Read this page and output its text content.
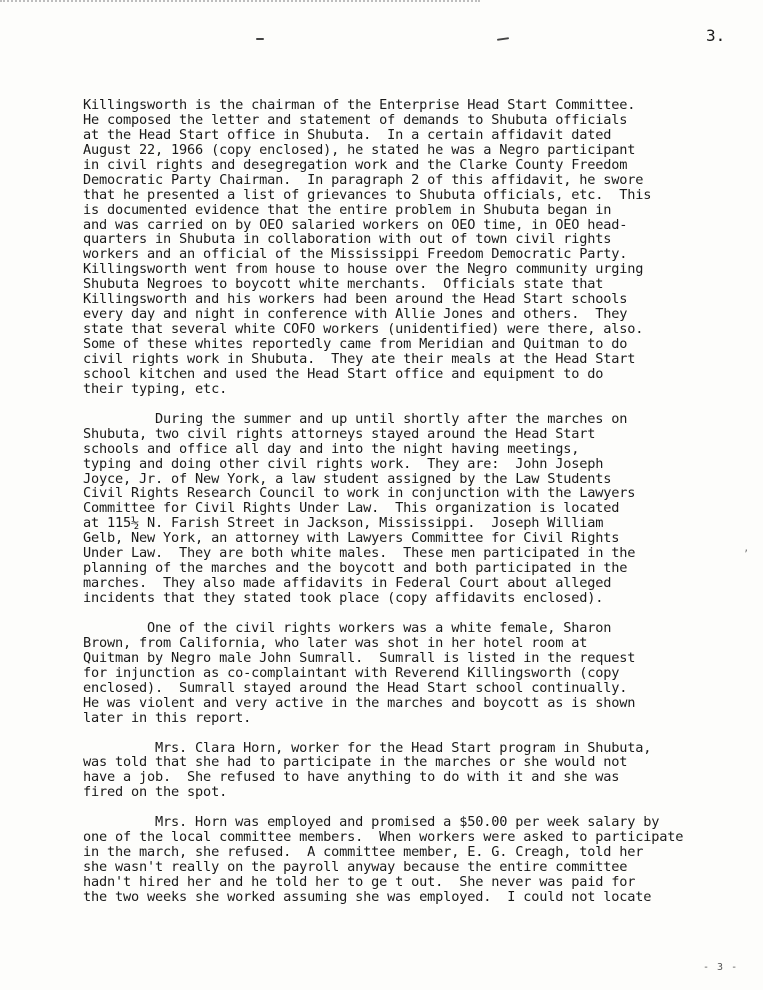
3.
’
Killingsworth is the chairman of the Enterprise Head Start Committee.
He composed the letter and statement of demands to Shubuta officials
at the Head Start office in Shubuta.  In a certain affidavit dated
August 22, 1966 (copy enclosed), he stated he was a Negro participant
in civil rights and desegregation work and the Clarke County Freedom
Democratic Party Chairman.  In paragraph 2 of this affidavit, he swore
that he presented a list of grievances to Shubuta officials, etc.  This
is documented evidence that the entire problem in Shubuta began in
and was carried on by OEO salaried workers on OEO time, in OEO head-
quarters in Shubuta in collaboration with out of town civil rights
workers and an official of the Mississippi Freedom Democratic Party.
Killingsworth went from house to house over the Negro community urging
Shubuta Negroes to boycott white merchants.  Officials state that
Killingsworth and his workers had been around the Head Start schools
every day and night in conference with Allie Jones and others.  They
state that several white COFO workers (unidentified) were there, also.
Some of these whites reportedly came from Meridian and Quitman to do
civil rights work in Shubuta.  They ate their meals at the Head Start
school kitchen and used the Head Start office and equipment to do
their typing, etc.
During the summer and up until shortly after the marches on
Shubuta, two civil rights attorneys stayed around the Head Start
schools and office all day and into the night having meetings,
typing and doing other civil rights work.  They are:  John Joseph
Joyce, Jr. of New York, a law student assigned by the Law Students
Civil Rights Research Council to work in conjunction with the Lawyers
Committee for Civil Rights Under Law.  This organization is located
at 115½ N. Farish Street in Jackson, Mississippi.  Joseph William
Gelb, New York, an attorney with Lawyers Committee for Civil Rights
Under Law.  They are both white males.  These men participated in the
planning of the marches and the boycott and both participated in the
marches.  They also made affidavits in Federal Court about alleged
incidents that they stated took place (copy affidavits enclosed).
One of the civil rights workers was a white female, Sharon
Brown, from California, who later was shot in her hotel room at
Quitman by Negro male John Sumrall.  Sumrall is listed in the request
for injunction as co-complaintant with Reverend Killingsworth (copy
enclosed).  Sumrall stayed around the Head Start school continually.
He was violent and very active in the marches and boycott as is shown
later in this report.
Mrs. Clara Horn, worker for the Head Start program in Shubuta,
was told that she had to participate in the marches or she would not
have a job.  She refused to have anything to do with it and she was
fired on the spot.
Mrs. Horn was employed and promised a $50.00 per week salary by
one of the local committee members.  When workers were asked to participate
in the march, she refused.  A committee member, E. G. Creagh, told her
she wasn't really on the payroll anyway because the entire committee
hadn't hired her and he told her to ge t out.  She never was paid for
the two weeks she worked assuming she was employed.  I could not locate
- 3 -
